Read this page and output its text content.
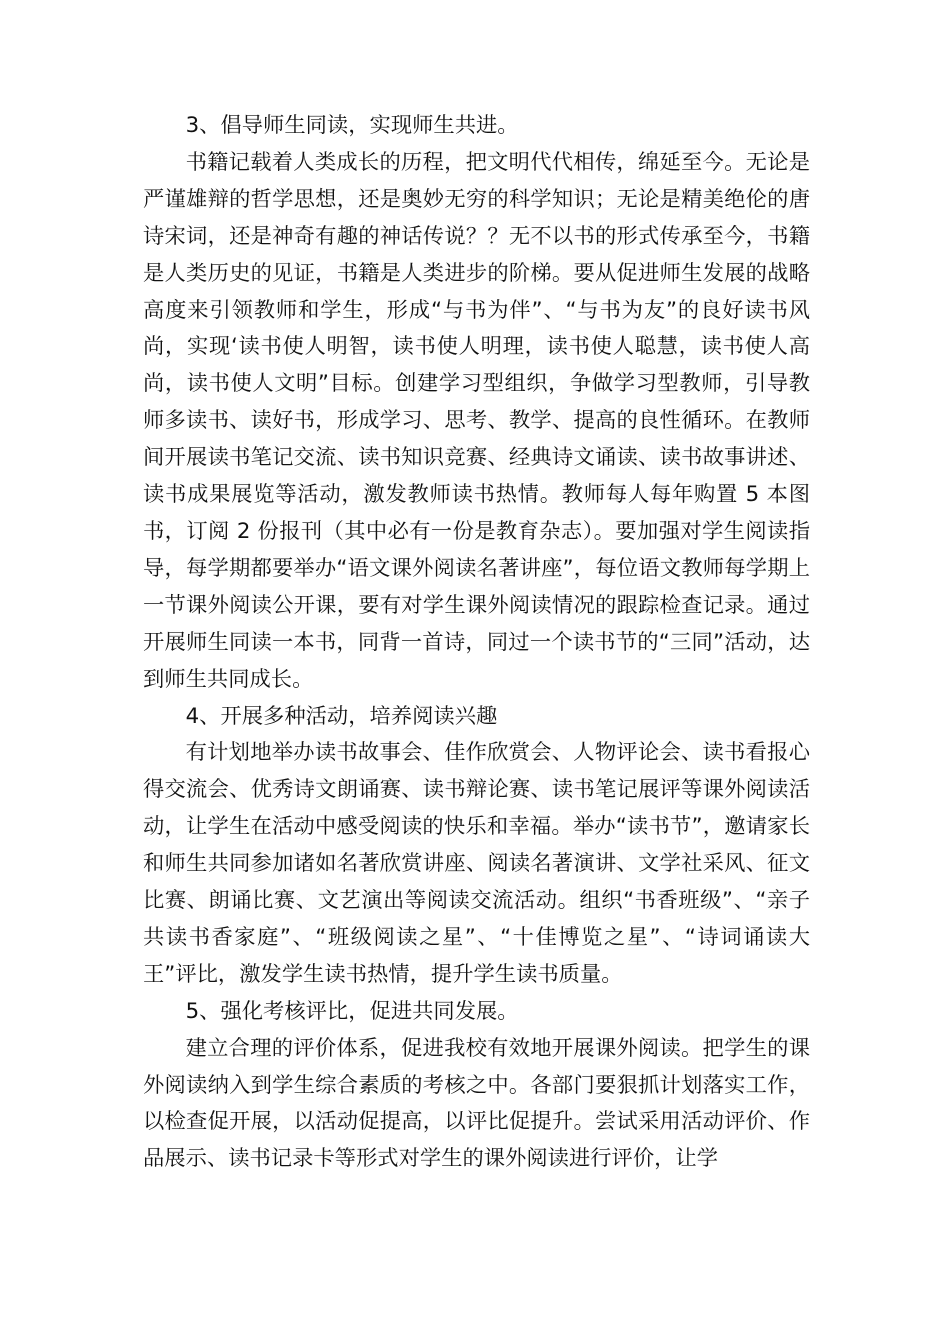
3、倡导师生同读，实现师生共进。

书籍记载着人类成长的历程，把文明代代相传，绵延至今。无论是严谨雄辩的哲学思想，还是奥妙无穷的科学知识；无论是精美绝伦的唐诗宋词，还是神奇有趣的神话传说？？无不以书的形式传承至今，书籍是人类历史的见证，书籍是人类进步的阶梯。要从促进师生发展的战略高度来引领教师和学生，形成“与书为伴”、“与书为友”的良好读书风尚，实现‘读书使人明智，读书使人明理，读书使人聪慧，读书使人高尚，读书使人文明”目标。创建学习型组织，争做学习型教师，引导教师多读书、读好书，形成学习、思考、教学、提高的良性循环。在教师间开展读书笔记交流、读书知识竞赛、经典诗文诵读、读书故事讲述、读书成果展览等活动，激发教师读书热情。教师每人每年购置 5 本图书，订阅 2 份报刊（其中必有一份是教育杂志）。要加强对学生阅读指导，每学期都要举办“语文课外阅读名著讲座”，每位语文教师每学期上一节课外阅读公开课，要有对学生课外阅读情况的跟踪检查记录。通过开展师生同读一本书，同背一首诗，同过一个读书节的“三同”活动，达到师生共同成长。

4、开展多种活动，培养阅读兴趣

有计划地举办读书故事会、佳作欣赏会、人物评论会、读书看报心得交流会、优秀诗文朗诵赛、读书辩论赛、读书笔记展评等课外阅读活动，让学生在活动中感受阅读的快乐和幸福。举办“读书节”，邀请家长和师生共同参加诸如名著欣赏讲座、阅读名著演讲、文学社采风、征文比赛、朗诵比赛、文艺演出等阅读交流活动。组织“书香班级”、“亲子共读书香家庭”、“班级阅读之星”、“十佳博览之星”、“诗词诵读大王”评比，激发学生读书热情，提升学生读书质量。

5、强化考核评比，促进共同发展。

建立合理的评价体系，促进我校有效地开展课外阅读。把学生的课外阅读纳入到学生综合素质的考核之中。各部门要狠抓计划落实工作，以检查促开展，以活动促提高，以评比促提升。尝试采用活动评价、作品展示、读书记录卡等形式对学生的课外阅读进行评价，让学
